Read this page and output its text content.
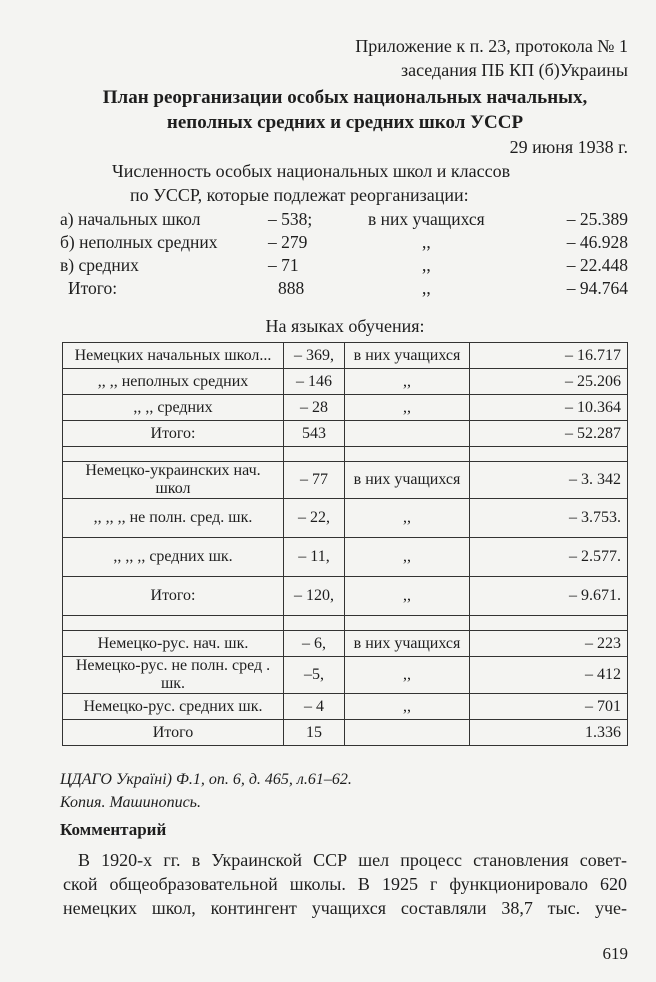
Приложение к п. 23, протокола № 1
заседания ПБ КП (б)Украины
План реорганизации особых национальных начальных,
неполных средних и средних школ УССР
29 июня 1938 г.
Численность особых национальных школ и классов
по УССР, которые подлежат реорганизации:
а) начальных школ	– 538;	в них учащихся	– 25.389
б) неполных средних	– 279	,,	– 46.928
в) средних	– 71	,,	– 22.448
Итого:	888	,,	– 94.764
На языках обучения:
Немецких начальных школ...	– 369,	в них учащихся	– 16.717
,, ,, неполных средних	– 146	,,	– 25.206
,, ,, средних	– 28	,,	– 10.364
Итого:	543		– 52.287

Немецко-украинских нач. школ	– 77	в них учащихся	– 3. 342
,, ,, ,, не полн. сред. шк.	– 22,	,,	– 3.753.
,, ,, ,, средних шк.	– 11,	,,	– 2.577.
Итого:	– 120,	,,	– 9.671.

Немецко-рус. нач. шк.	– 6,	в них учащихся	– 223
Немецко-рус. не полн. сред . шк.	–5,	,,	– 412
Немецко-рус. средних шк.	– 4	,,	– 701
Итого	15		1.336
ЦДАГО Україні) Ф.1, оп. 6, д. 465, л.61–62.
Копия. Машинопись.
Комментарий
В 1920-х гг. в Украинской ССР шел процесс становления совет-
ской общеобразовательной школы. В 1925 г функционировало 620
немецких школ, контингент учащихся составляли 38,7 тыс. уче-
619
